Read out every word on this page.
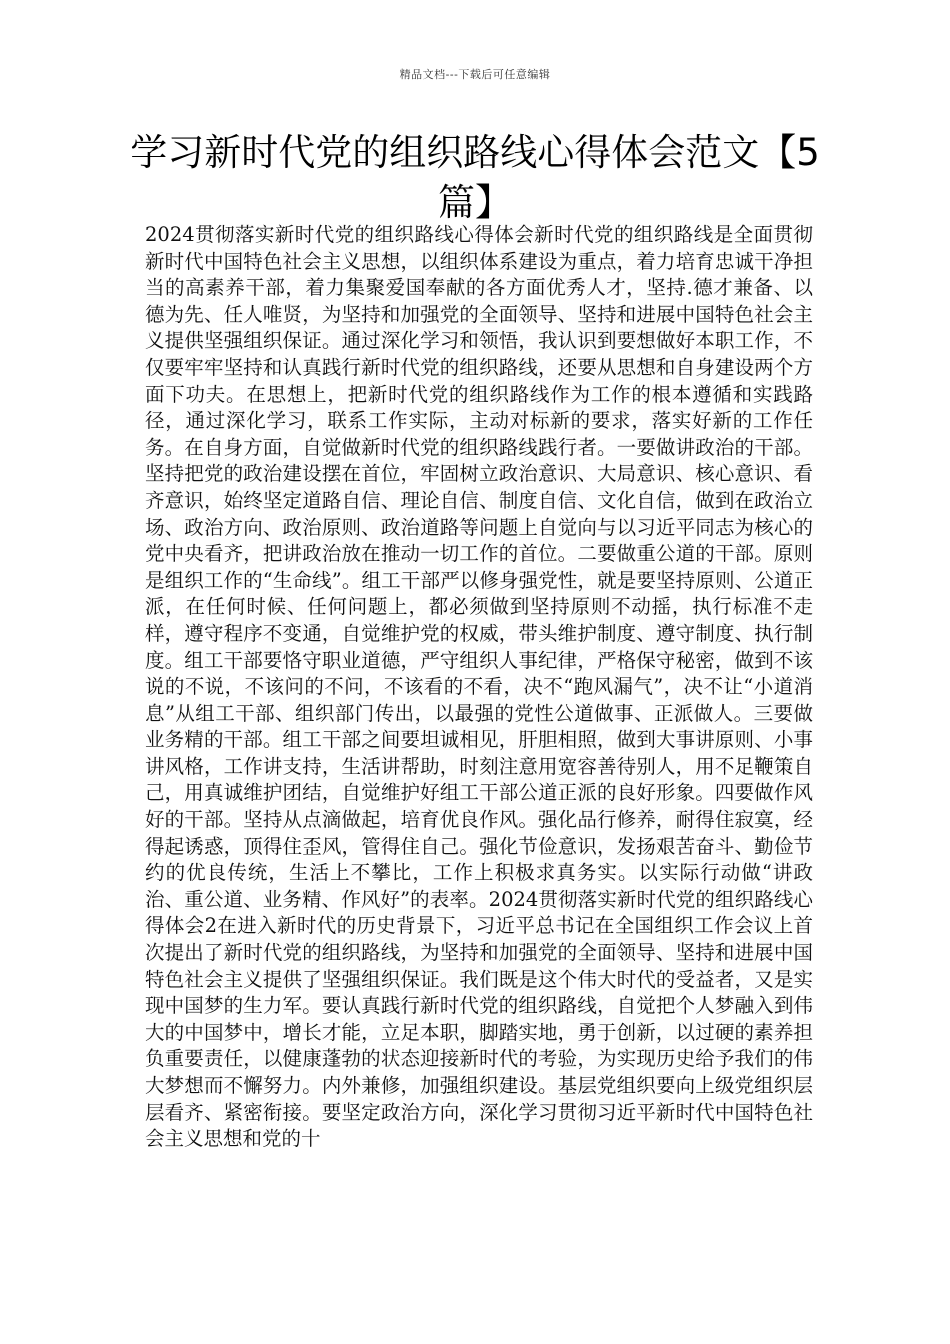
精品文档---下载后可任意编辑
学习新时代党的组织路线心得体会范文【5篇】

2024贯彻落实新时代党的组织路线心得体会新时代党的组织路线是全面贯彻新时代中国特色社会主义思想，以组织体系建设为重点，着力培育忠诚干净担当的高素养干部，着力集聚爱国奉献的各方面优秀人才，坚持.德才兼备、以德为先、任人唯贤，为坚持和加强党的全面领导、坚持和进展中国特色社会主义提供坚强组织保证。通过深化学习和领悟，我认识到要想做好本职工作，不仅要牢牢坚持和认真践行新时代党的组织路线，还要从思想和自身建设两个方面下功夫。在思想上，把新时代党的组织路线作为工作的根本遵循和实践路径，通过深化学习，联系工作实际，主动对标新的要求，落实好新的工作任务。在自身方面，自觉做新时代党的组织路线践行者。一要做讲政治的干部。坚持把党的政治建设摆在首位，牢固树立政治意识、大局意识、核心意识、看齐意识，始终坚定道路自信、理论自信、制度自信、文化自信，做到在政治立场、政治方向、政治原则、政治道路等问题上自觉向与以习近平同志为核心的党中央看齐，把讲政治放在推动一切工作的首位。二要做重公道的干部。原则是组织工作的“生命线”。组工干部严以修身强党性，就是要坚持原则、公道正派，在任何时候、任何问题上，都必须做到坚持原则不动摇，执行标准不走样，遵守程序不变通，自觉维护党的权威，带头维护制度、遵守制度、执行制度。组工干部要恪守职业道德，严守组织人事纪律，严格保守秘密，做到不该说的不说，不该问的不问，不该看的不看，决不“跑风漏气”，决不让“小道消息”从组工干部、组织部门传出，以最强的党性公道做事、正派做人。三要做业务精的干部。组工干部之间要坦诚相见，肝胆相照，做到大事讲原则、小事讲风格，工作讲支持，生活讲帮助，时刻注意用宽容善待别人，用不足鞭策自己，用真诚维护团结，自觉维护好组工干部公道正派的良好形象。四要做作风好的干部。坚持从点滴做起，培育优良作风。强化品行修养，耐得住寂寞，经得起诱惑，顶得住歪风，管得住自己。强化节俭意识，发扬艰苦奋斗、勤俭节约的优良传统，生活上不攀比，工作上积极求真务实。以实际行动做“讲政治、重公道、业务精、作风好”的表率。2024贯彻落实新时代党的组织路线心得体会2在进入新时代的历史背景下，习近平总书记在全国组织工作会议上首次提出了新时代党的组织路线，为坚持和加强党的全面领导、坚持和进展中国特色社会主义提供了坚强组织保证。我们既是这个伟大时代的受益者，又是实现中国梦的生力军。要认真践行新时代党的组织路线，自觉把个人梦融入到伟大的中国梦中，增长才能，立足本职，脚踏实地，勇于创新，以过硬的素养担负重要责任，以健康蓬勃的状态迎接新时代的考验，为实现历史给予我们的伟大梦想而不懈努力。内外兼修，加强组织建设。基层党组织要向上级党组织层层看齐、紧密衔接。要坚定政治方向，深化学习贯彻习近平新时代中国特色社会主义思想和党的十
